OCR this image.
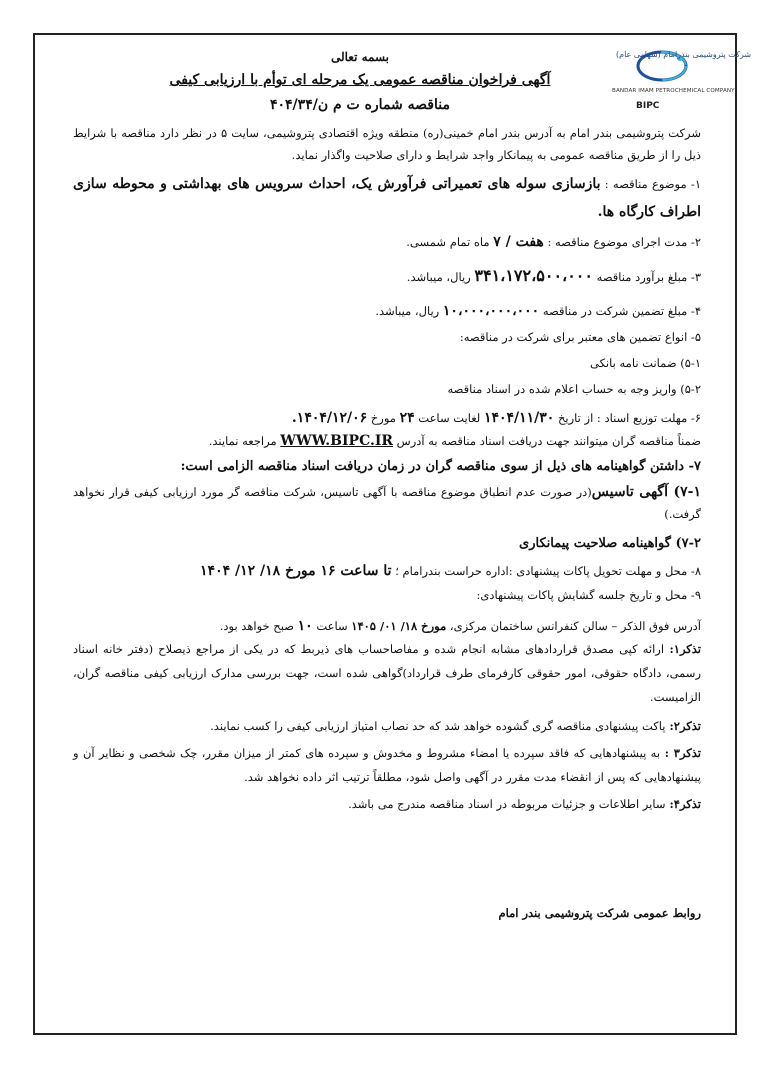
شرکت پتروشیمی بندرامام (سهامی عام)
BANDAR IMAM PETROCHEMICAL COMPANY
BIPC
بسمه تعالی
آگهی فراخوان مناقصه عمومی یک مرحله ای توأم با ارزیابی کیفی
مناقصه شماره ت م ن/۴۰۴/۳۴

شرکت پتروشیمی بندر امام به آدرس بندر امام خمینی(ره) منطقه ویژه اقتصادی پتروشیمی، سایت ۵ در نظر دارد مناقصه با شرایط ذیل را از طریق مناقصه عمومی به پیمانکار واجد شرایط و دارای صلاحیت واگذار نماید.

۱- موضوع مناقصه : بازسازی سوله های تعمیراتی فرآورش یک، احداث سرویس های بهداشتی و محوطه سازی اطراف کارگاه ها.

۲- مدت اجرای موضوع مناقصه : هفت / ۷ ماه تمام شمسی.

۳- مبلغ برآورد مناقصه ۳۴۱،۱۷۲،۵۰۰،۰۰۰ ریال، میباشد.

۴- مبلغ تضمین شرکت در مناقصه ۱۰،۰۰۰،۰۰۰،۰۰۰ ریال، میباشد.

۵- انواع تضمین های معتبر برای شرکت در مناقصه:

۵-۱) ضمانت نامه بانکی

۵-۲) واریز وجه به حساب اعلام شده در اسناد مناقصه

۶- مهلت توزیع اسناد : از تاریخ ۱۴۰۴/۱۱/۳۰ لغایت ساعت ۲۴ مورخ ۱۴۰۴/۱۲/۰۶.

ضمناً مناقصه گران میتوانند جهت دریافت اسناد مناقصه به آدرس WWW.BIPC.IR مراجعه نمایند.

۷- داشتن گواهینامه های ذیل از سوی مناقصه گران در زمان دریافت اسناد مناقصه الزامی است:

۷-۱) آگهی تاسیس(در صورت عدم انطباق موضوع مناقصه با آگهی تاسیس، شرکت مناقصه گر مورد ارزیابی کیفی قرار نخواهد گرفت.)

۷-۲) گواهینامه صلاحیت پیمانکاری

۸- محل و مهلت تحویل پاکات پیشنهادی :اداره حراست بندرامام ؛ تا ساعت ۱۶ مورخ ۱۸/ ۱۲/ ۱۴۰۴

۹- محل و تاریخ جلسه گشایش پاکات پیشنهادی:

آدرس فوق الذکر – سالن کنفرانس ساختمان مرکزی، مورخ ۱۸/ ۰۱/ ۱۴۰۵ ساعت ۱۰ صبح خواهد بود.

تذکر۱: ارائه کپی مصدق قراردادهای مشابه انجام شده و مفاصاحساب های ذیربط که در یکی از مراجع ذیصلاح (دفتر خانه اسناد رسمی، دادگاه حقوقی، امور حقوقی کارفرمای طرف قرارداد)گواهی شده است، جهت بررسی مدارک ارزیابی کیفی مناقصه گران، الزامیست.

تذکر۲: پاکت پیشنهادی مناقصه گری گشوده خواهد شد که حد نصاب امتیاز ارزیابی کیفی را کسب نمایند.

تذکر۳ : به پیشنهادهایی که فاقد سپرده یا امضاء مشروط و مخدوش و سپرده های کمتر از میزان مقرر، چک شخصی و نظایر آن و پیشنهادهایی که پس از انقضاء مدت مقرر در آگهی واصل شود، مطلقاً ترتیب اثر داده نخواهد شد.

تذکر۴: سایر اطلاعات و جزئیات مربوطه در اسناد مناقصه مندرج می باشد.

روابط عمومی شرکت پتروشیمی بندر امام
